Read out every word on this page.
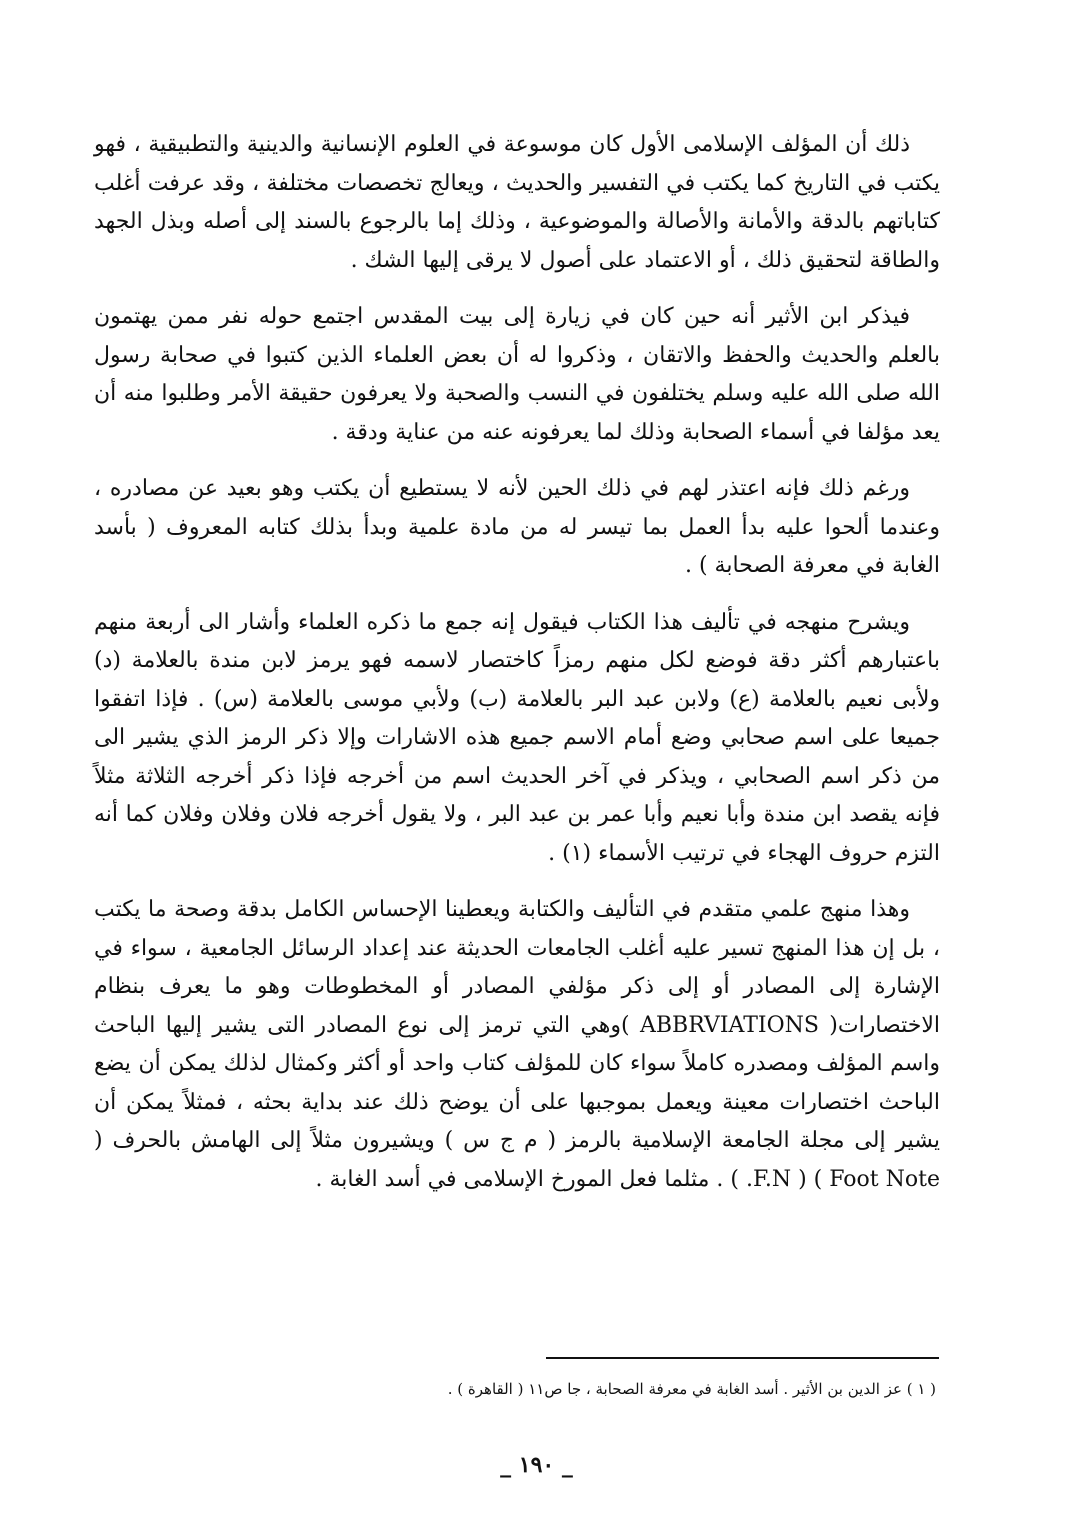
ذلك أن المؤلف الإسلامى الأول كان موسوعة في العلوم الإنسانية والدينية والتطبيقية ، فهو يكتب في التاريخ كما يكتب في التفسير والحديث ، ويعالج تخصصات مختلفة ، وقد عرفت أغلب كتاباتهم بالدقة والأمانة والأصالة والموضوعية ، وذلك إما بالرجوع بالسند إلى أصله وبذل الجهد والطاقة لتحقيق ذلك ، أو الاعتماد على أصول لا يرقى إليها الشك .

فيذكر ابن الأثير أنه حين كان في زيارة إلى بيت المقدس اجتمع حوله نفر ممن يهتمون بالعلم والحديث والحفظ والاتقان ، وذكروا له أن بعض العلماء الذين كتبوا في صحابة رسول الله صلى الله عليه وسلم يختلفون في النسب والصحبة ولا يعرفون حقيقة الأمر وطلبوا منه أن يعد مؤلفا في أسماء الصحابة وذلك لما يعرفونه عنه من عناية ودقة .

ورغم ذلك فإنه اعتذر لهم في ذلك الحين لأنه لا يستطيع أن يكتب وهو بعيد عن مصادره ، وعندما ألحوا عليه بدأ العمل بما تيسر له من مادة علمية وبدأ بذلك كتابه المعروف ( بأسد الغابة في معرفة الصحابة ) .

ويشرح منهجه في تأليف هذا الكتاب فيقول إنه جمع ما ذكره العلماء وأشار الى أربعة منهم باعتبارهم أكثر دقة فوضع لكل منهم رمزاً كاختصار لاسمه فهو يرمز لابن مندة بالعلامة (د) ولأبى نعيم بالعلامة (ع) ولابن عبد البر بالعلامة (ب) ولأبي موسى بالعلامة (س) . فإذا اتفقوا جميعا على اسم صحابي وضع أمام الاسم جميع هذه الاشارات وإلا ذكر الرمز الذي يشير الى من ذكر اسم الصحابي ، ويذكر في آخر الحديث اسم من أخرجه فإذا ذكر أخرجه الثلاثة مثلاً فإنه يقصد ابن مندة وأبا نعيم وأبا عمر بن عبد البر ، ولا يقول أخرجه فلان وفلان وفلان كما أنه التزم حروف الهجاء في ترتيب الأسماء (١) .

وهذا منهج علمي متقدم في التأليف والكتابة ويعطينا الإحساس الكامل بدقة وصحة ما يكتب ، بل إن هذا المنهج تسير عليه أغلب الجامعات الحديثة عند إعداد الرسائل الجامعية ، سواء في الإشارة إلى المصادر أو إلى ذكر مؤلفي المصادر أو المخطوطات وهو ما يعرف بنظام الاختصارات( ABBRVIATIONS )وهي التي ترمز إلى نوع المصادر التى يشير إليها الباحث واسم المؤلف ومصدره كاملاً سواء كان للمؤلف كتاب واحد أو أكثر وكمثال لذلك يمكن أن يضع الباحث اختصارات معينة ويعمل بموجبها على أن يوضح ذلك عند بداية بحثه ، فمثلاً يمكن أن يشير إلى مجلة الجامعة الإسلامية بالرمز ( م ج س ) ويشيرون مثلاً إلى الهامش بالحرف ( Foot Note ) ( F.N. ) . مثلما فعل المورخ الإسلامى في أسد الغابة .

( ١ ) عز الدين بن الأثير . أسد الغابة في معرفة الصحابة ، جا ص١١ ( القاهرة ) .
_ ١٩٠ _
